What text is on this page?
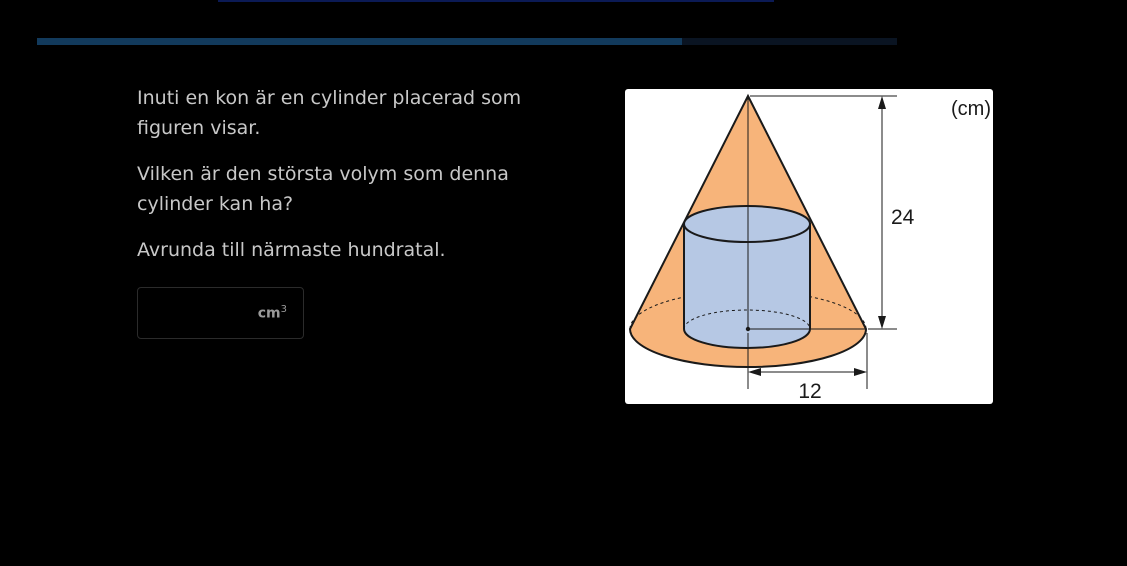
Inuti en kon är en cylinder placerad som figuren visar.

Vilken är den största volym som denna cylinder kan ha?

Avrunda till närmaste hundratal.

$cm^3$
(cm)
24
12
